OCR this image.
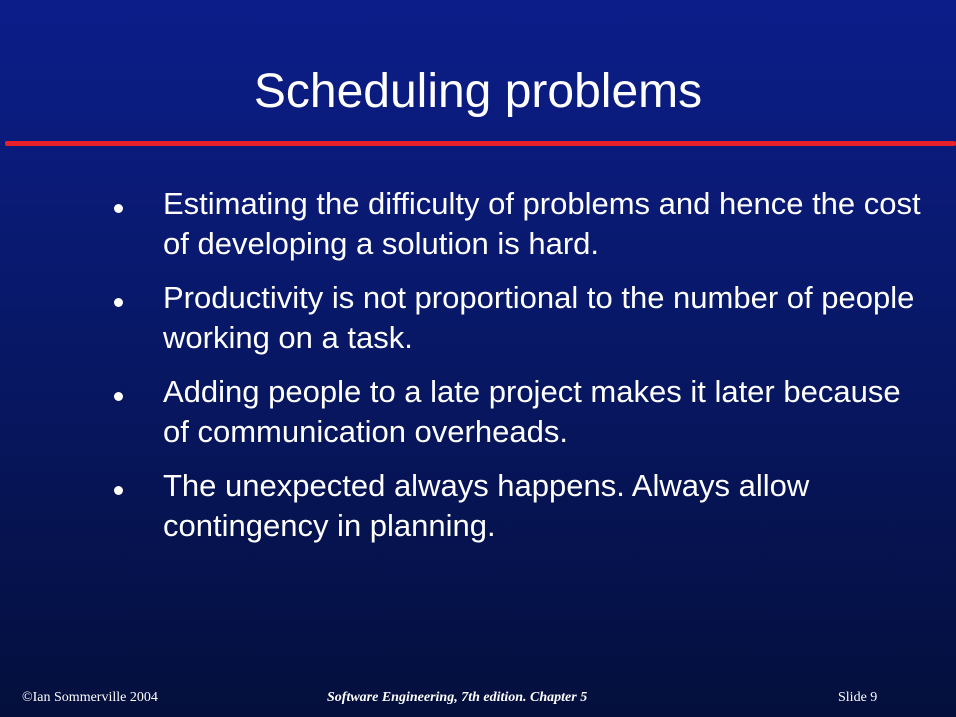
Scheduling problems
Estimating the difficulty of problems and hence the cost of developing a solution is hard.
Productivity is not proportional to the number of people working on a task.
Adding people to a late project makes it later because of communication overheads.
The unexpected always happens. Always allow contingency in planning.
©Ian Sommerville 2004	Software Engineering, 7th edition. Chapter 5	Slide 9
